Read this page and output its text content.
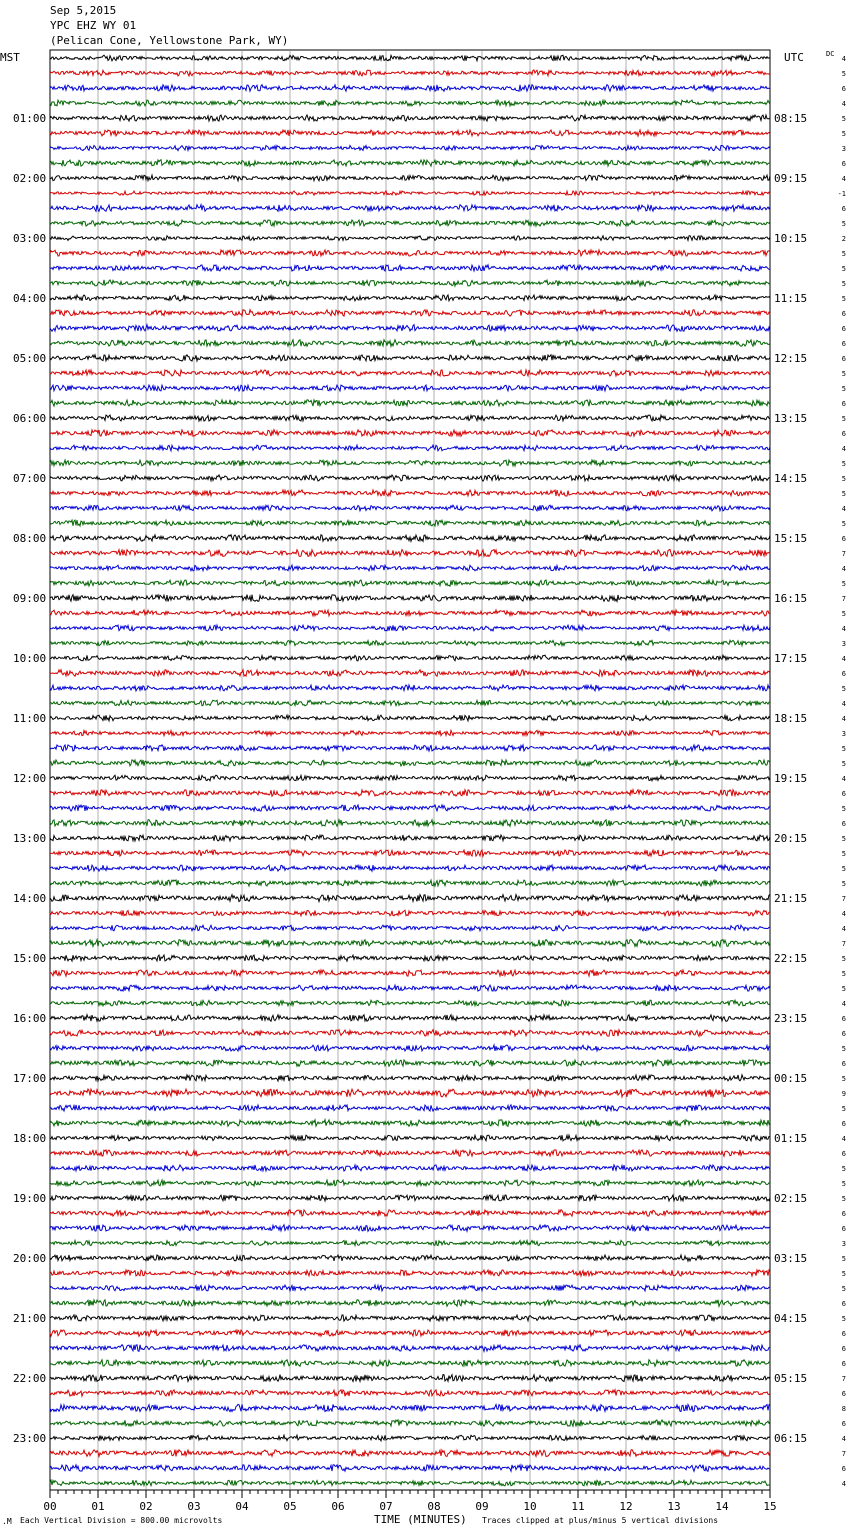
Sep 5,2015
YPC EHZ WY 01
(Pelican Cone, Yellowstone Park, WY)
00	01	02	03	04	05	06	07	08	09	10	11	12	13	14	15
01:00
02:00
03:00
04:00
05:00
06:00
07:00
08:00
09:00
10:00
11:00
12:00
13:00
14:00
15:00
16:00
17:00
18:00
19:00
20:00
21:00
22:00
23:00
08:15
09:15
10:15
11:15
12:15
13:15
14:15
15:15
16:15
17:15
18:15
19:15
20:15
21:15
22:15
23:15
00:15
01:15
02:15
03:15
04:15
05:15
06:15
4
5
6
4
5
5
3
6
4
-1
6
5
2
5
5
5
5
6
6
6
6
5
5
6
5
6
4
5
5
5
4
5
6
7
4
5
7
5
4
3
4
6
5
4
4
3
5
5
4
6
5
6
5
5
5
5
7
4
4
7
5
5
5
4
6
6
5
6
5
9
5
6
4
6
5
5
5
6
6
3
5
5
5
6
5
6
6
6
7
6
8
6
4
7
6
4
MST	UTC	DC
TIME (MINUTES)
Each Vertical Division = 800.00 microvolts	Traces clipped at plus/minus 5 vertical divisions
.M
